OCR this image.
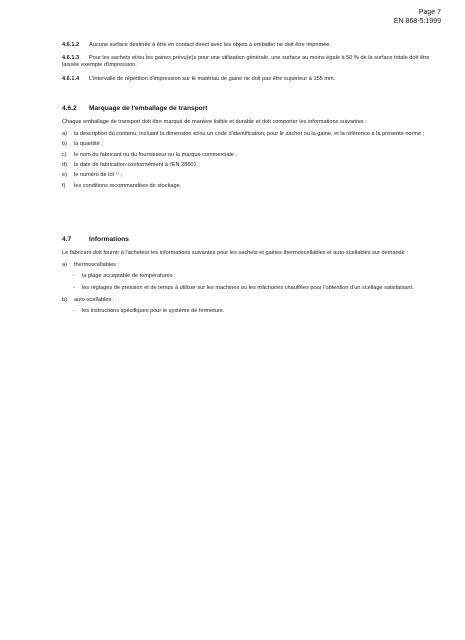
Page 7
EN 868-5:1999
4.6.1.2 Aucune surface destinée à être en contact direct avec les objets à emballer ne doit être imprimée.
4.6.1.3 Pour les sachets et/ou les gaines prévu(e)s pour une utilisation générale, une surface au moins égale à 50 % de la surface totale doit être laissée exempte d'impression.
4.6.1.4 L'intervalle de répétition d'impression sur le matériau de gaine ne doit pas être supérieur à 155 mm.
4.6.2 Marquage de l'emballage de transport
Chaque emballage de transport doit être marqué de manière lisible et durable et doit comporter les informations suivantes :
a) la description du contenu, incluant la dimension et/ou un code d'identification, pour le sachet ou la gaine, et la référence à la présente norme ;
b) la quantité ;
c) le nom du fabricant ou du fournisseur ou la marque commerciale ;
d) la date de fabrication conformément à l'EN 28601 ;
e) le numéro de lot ¹⁾ ;
f) les conditions recommandées de stockage.
4.7	Informations
Le fabricant doit fournir à l'acheteur les informations suivantes pour les sachets et gaines thermoscellables et auto-scellables sur demande :
a) thermoscellables :
- la plage acceptable de températures ;
- les réglages de pression et de temps à utiliser sur les machines ou les mâchoires chauffées pour l'obtention d'un scellage satisfaisant.
b) auto-scellables :
- les instructions spécifiques pour le système de fermeture.
